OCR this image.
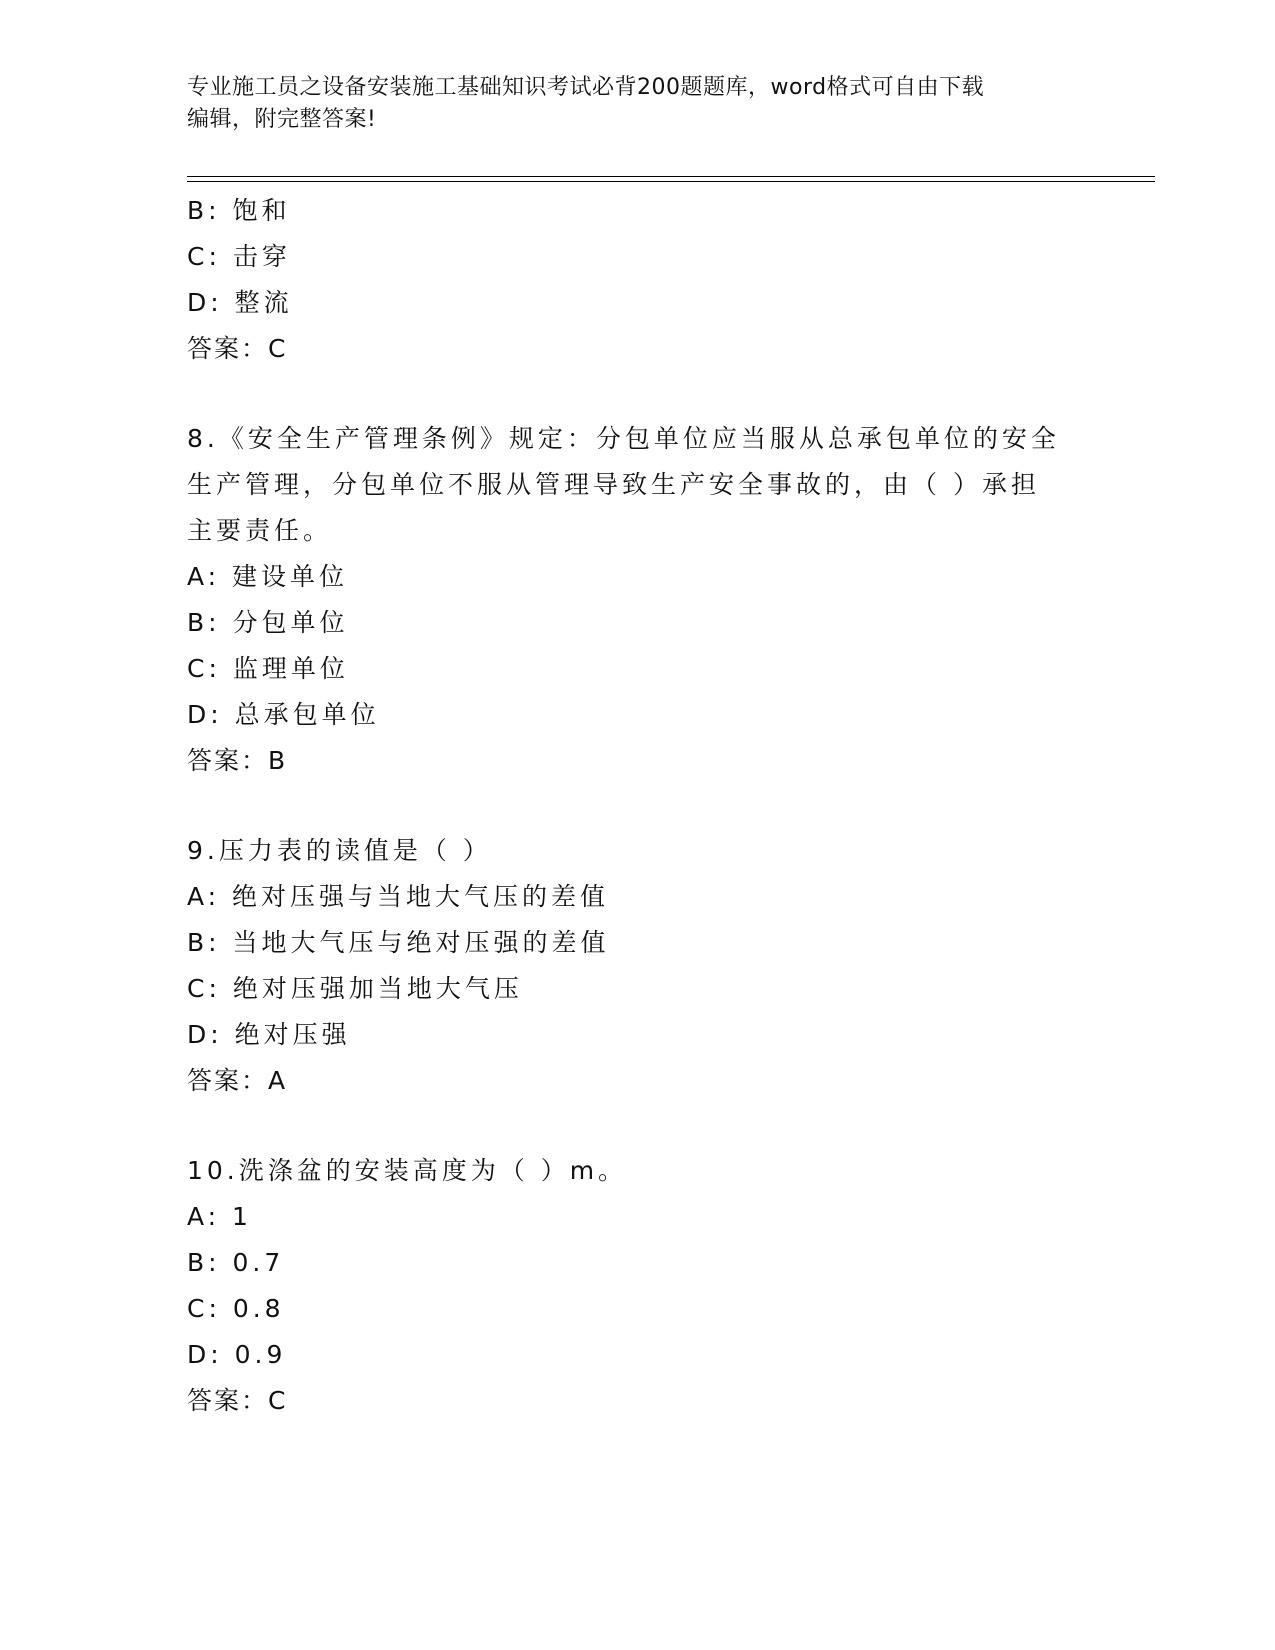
专业施工员之设备安装施工基础知识考试必背200题题库，word格式可自由下载
编辑，附完整答案!
B: 饱和
C: 击穿
D: 整流
答案：C
8.《安全生产管理条例》规定：分包单位应当服从总承包单位的安全生产管理，分包单位不服从管理导致生产安全事故的，由（ ）承担主要责任。
A: 建设单位
B: 分包单位
C: 监理单位
D: 总承包单位
答案：B
9.压力表的读值是（ ）
A: 绝对压强与当地大气压的差值
B: 当地大气压与绝对压强的差值
C: 绝对压强加当地大气压
D: 绝对压强
答案：A
10.洗涤盆的安装高度为（ ）m。
A: 1
B: 0.7
C: 0.8
D: 0.9
答案：C
